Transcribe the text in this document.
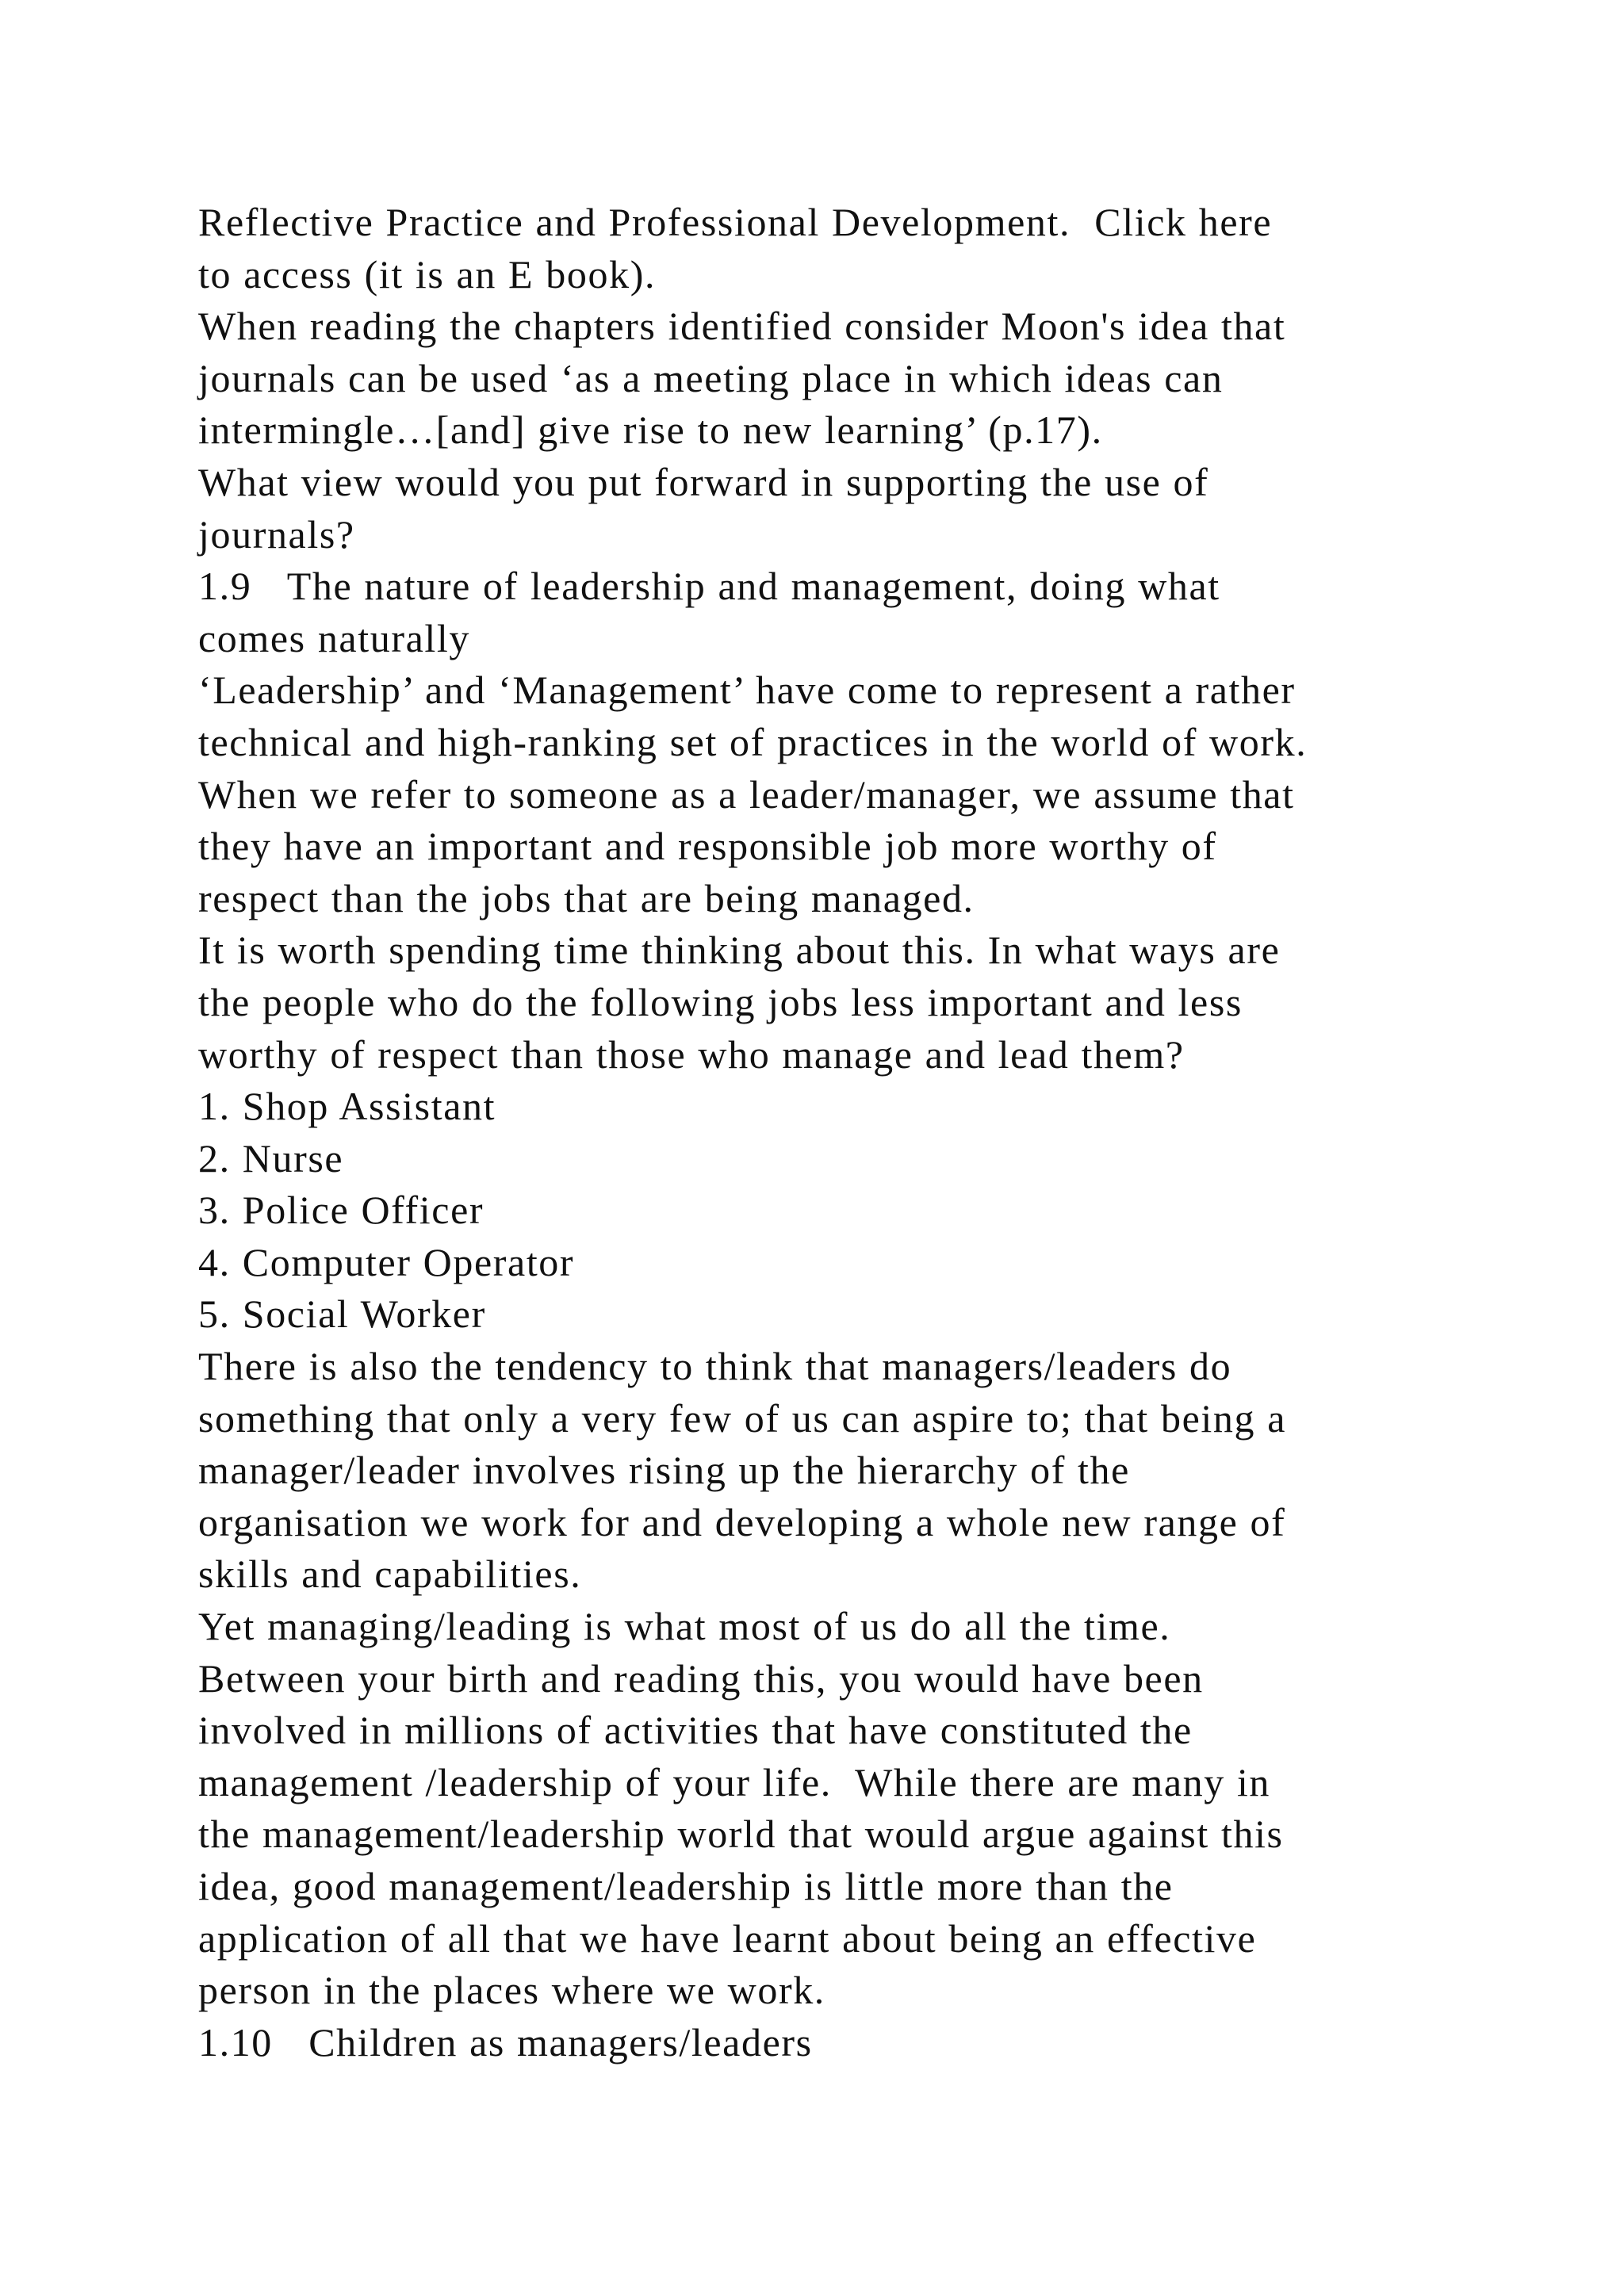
Reflective Practice and Professional Development.  Click here
to access (it is an E book).
When reading the chapters identified consider Moon's idea that
journals can be used ‘as a meeting place in which ideas can
intermingle…[and] give rise to new learning’ (p.17).
What view would you put forward in supporting the use of
journals?
1.9   The nature of leadership and management, doing what
comes naturally
‘Leadership’ and ‘Management’ have come to represent a rather
technical and high-ranking set of practices in the world of work.
When we refer to someone as a leader/manager, we assume that
they have an important and responsible job more worthy of
respect than the jobs that are being managed.
It is worth spending time thinking about this. In what ways are
the people who do the following jobs less important and less
worthy of respect than those who manage and lead them?
1. Shop Assistant
2. Nurse
3. Police Officer
4. Computer Operator
5. Social Worker
There is also the tendency to think that managers/leaders do
something that only a very few of us can aspire to; that being a
manager/leader involves rising up the hierarchy of the
organisation we work for and developing a whole new range of
skills and capabilities.
Yet managing/leading is what most of us do all the time.
Between your birth and reading this, you would have been
involved in millions of activities that have constituted the
management /leadership of your life.  While there are many in
the management/leadership world that would argue against this
idea, good management/leadership is little more than the
application of all that we have learnt about being an effective
person in the places where we work.
1.10   Children as managers/leaders
